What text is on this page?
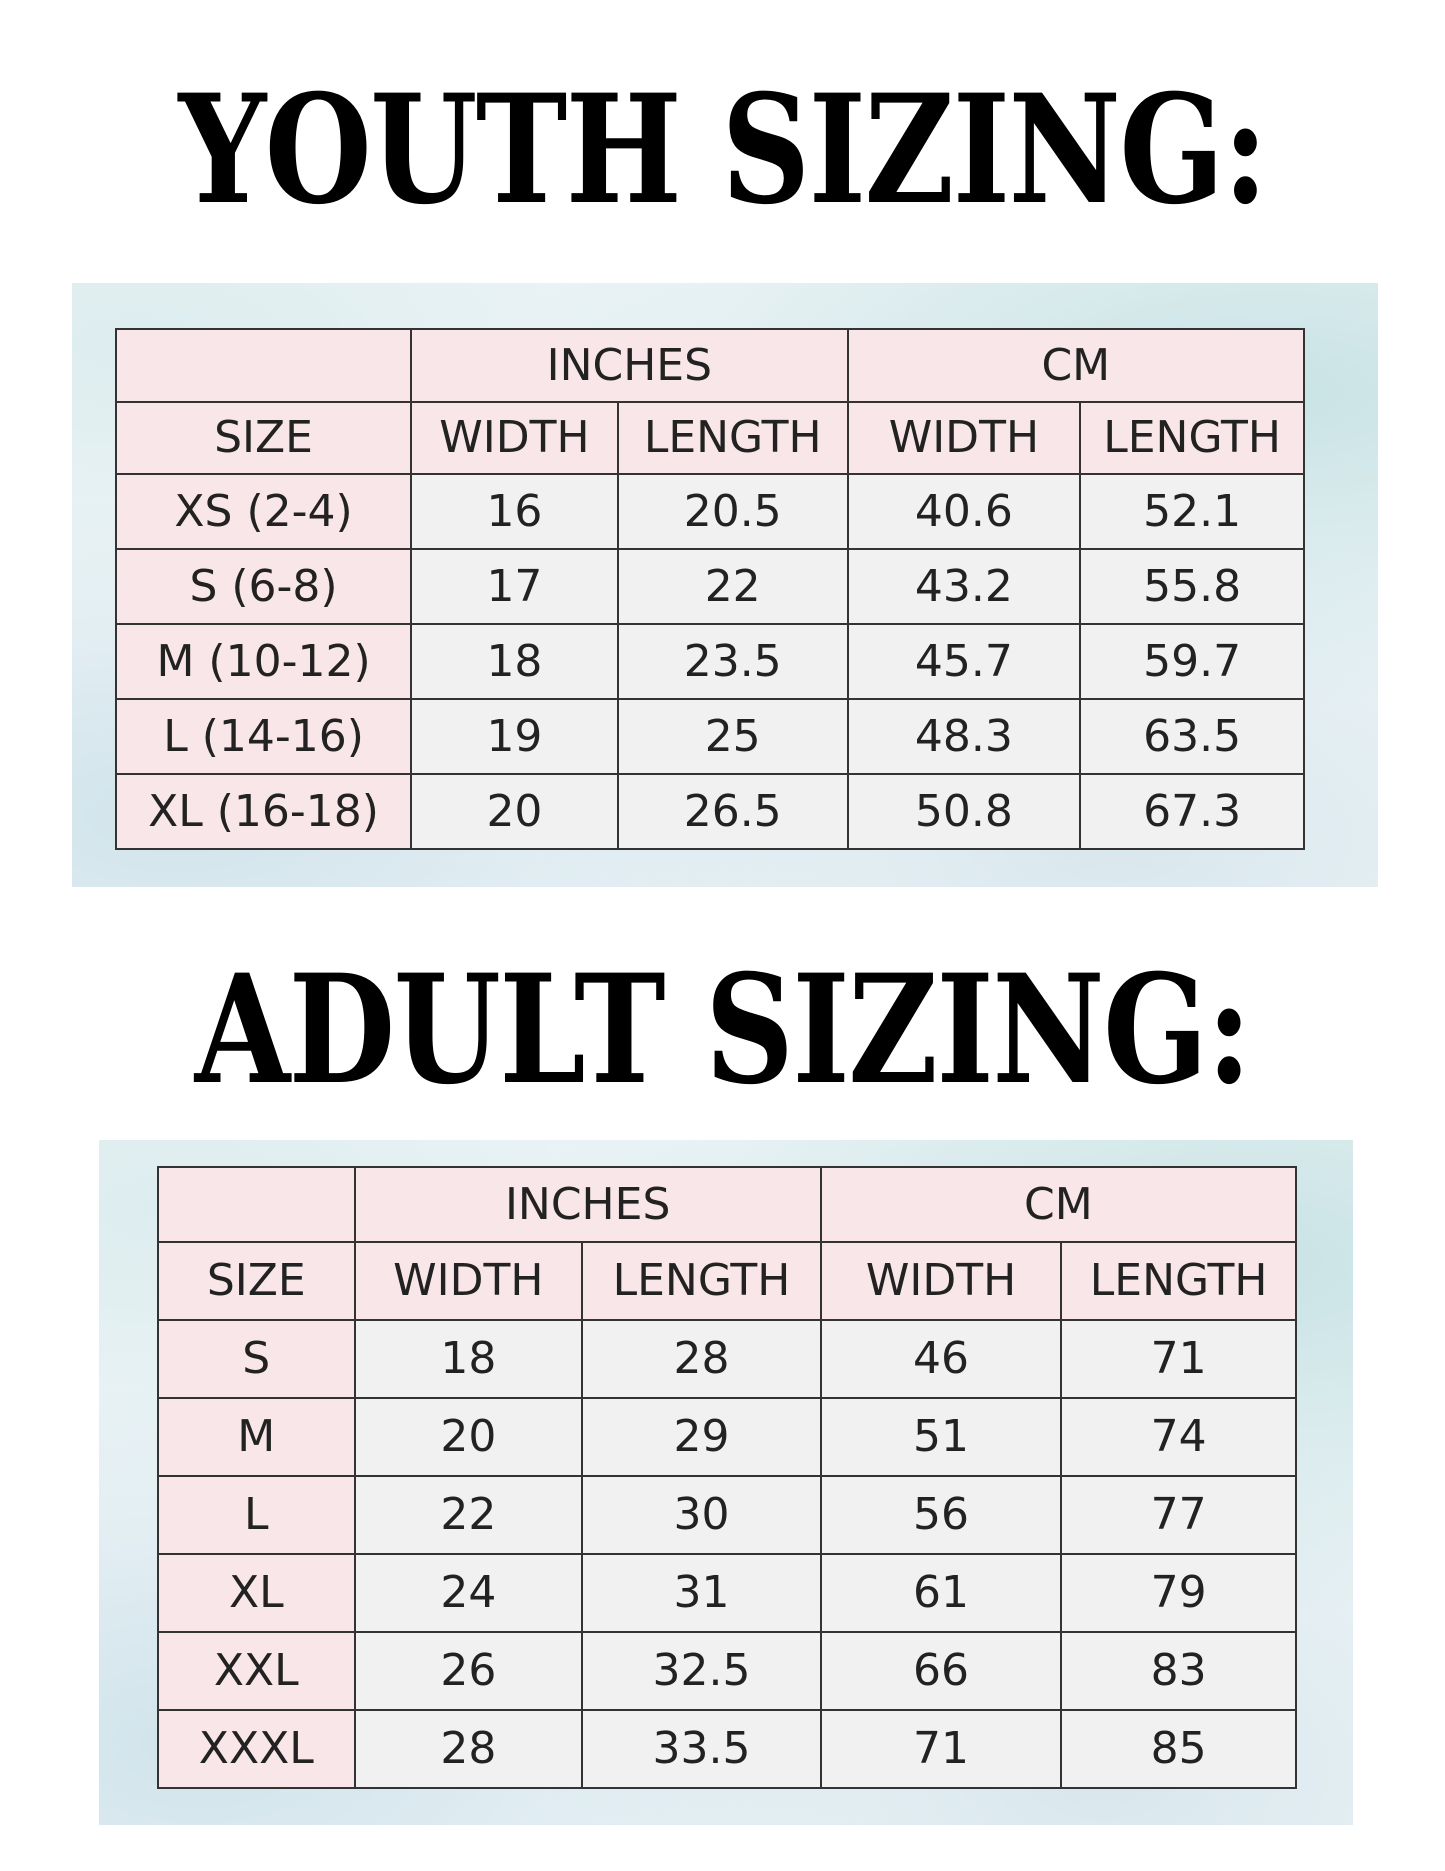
YOUTH SIZING:
	INCHES		CM	
SIZE	WIDTH	LENGTH	WIDTH	LENGTH
XS (2-4)	16	20.5	40.6	52.1
S (6-8)	17	22	43.2	55.8
M (10-12)	18	23.5	45.7	59.7
L (14-16)	19	25	48.3	63.5
XL (16-18)	20	26.5	50.8	67.3
ADULT SIZING:
	INCHES		CM	
SIZE	WIDTH	LENGTH	WIDTH	LENGTH
S	18	28	46	71
M	20	29	51	74
L	22	30	56	77
XL	24	31	61	79
XXL	26	32.5	66	83
XXXL	28	33.5	71	85
